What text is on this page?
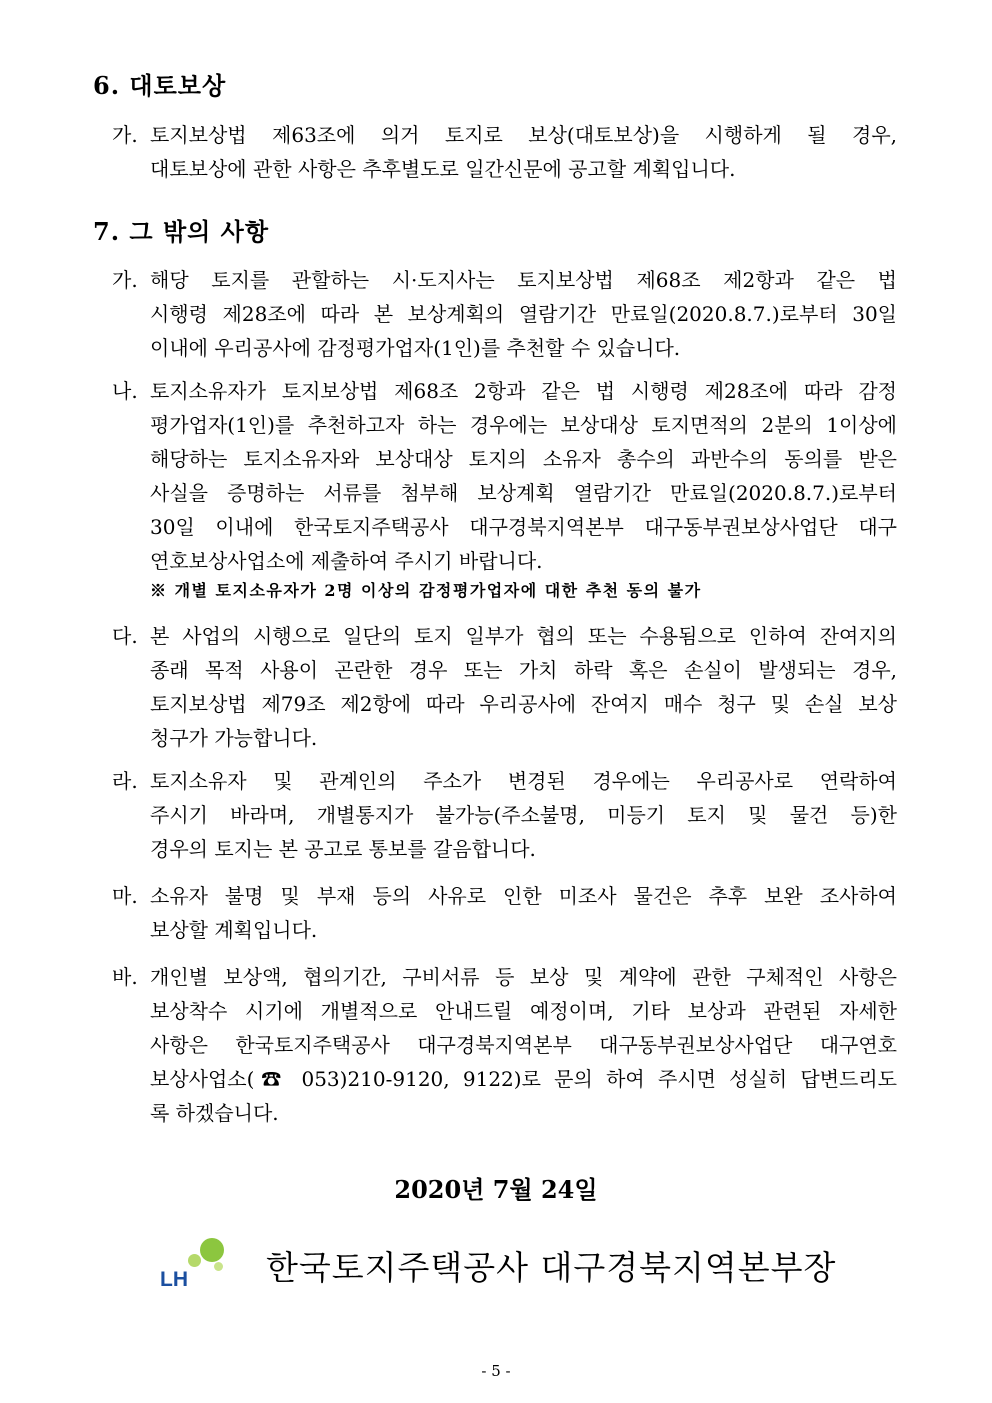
6. 대토보상
가. 토지보상법 제63조에 의거 토지로 보상(대토보상)을 시행하게 될 경우,
대토보상에 관한 사항은 추후별도로 일간신문에 공고할 계획입니다.
7. 그 밖의 사항
가. 해당 토지를 관할하는 시·도지사는 토지보상법 제68조 제2항과 같은 법
시행령 제28조에 따라 본 보상계획의 열람기간 만료일(2020.8.7.)로부터 30일
이내에 우리공사에 감정평가업자(1인)를 추천할 수 있습니다.
나. 토지소유자가 토지보상법 제68조 2항과 같은 법 시행령 제28조에 따라 감정
평가업자(1인)를 추천하고자 하는 경우에는 보상대상 토지면적의 2분의 1이상에
해당하는 토지소유자와 보상대상 토지의 소유자 총수의 과반수의 동의를 받은
사실을 증명하는 서류를 첨부해 보상계획 열람기간 만료일(2020.8.7.)로부터
30일 이내에 한국토지주택공사 대구경북지역본부 대구동부권보상사업단 대구
연호보상사업소에 제출하여 주시기 바랍니다.
※ 개별 토지소유자가 2명 이상의 감정평가업자에 대한 추천 동의 불가
다. 본 사업의 시행으로 일단의 토지 일부가 협의 또는 수용됨으로 인하여 잔여지의
종래 목적 사용이 곤란한 경우 또는 가치 하락 혹은 손실이 발생되는 경우,
토지보상법 제79조 제2항에 따라 우리공사에 잔여지 매수 청구 및 손실 보상
청구가 가능합니다.
라. 토지소유자 및 관계인의 주소가 변경된 경우에는 우리공사로 연락하여
주시기 바라며, 개별통지가 불가능(주소불명, 미등기 토지 및 물건 등)한
경우의 토지는 본 공고로 통보를 갈음합니다.
마. 소유자 불명 및 부재 등의 사유로 인한 미조사 물건은 추후 보완 조사하여
보상할 계획입니다.
바. 개인별 보상액, 협의기간, 구비서류 등 보상 및 계약에 관한 구체적인 사항은
보상착수 시기에 개별적으로 안내드릴 예정이며, 기타 보상과 관련된 자세한
사항은 한국토지주택공사 대구경북지역본부 대구동부권보상사업단 대구연호
보상사업소(☎ 053)210-9120, 9122)로 문의 하여 주시면 성실히 답변드리도
록 하겠습니다.
2020년 7월 24일
LH 한국토지주택공사 대구경북지역본부장
- 5 -
